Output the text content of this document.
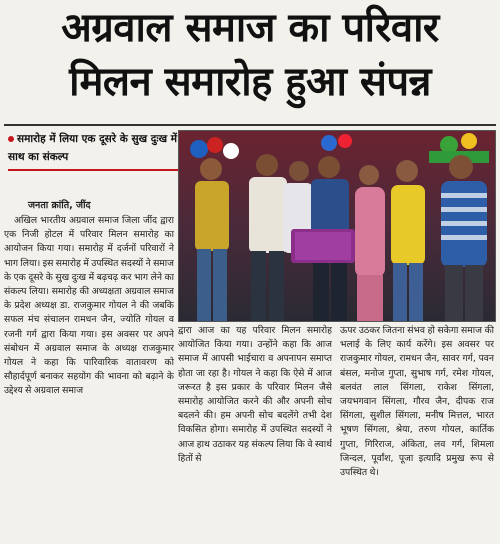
अग्रवाल समाज का परिवार
मिलन समारोह हुआ संपन्न
समारोह में लिया एक दूसरे के सुख दुःख में साथ का संकल्प
जनता क्रांति, जींद

अखिल भारतीय अग्रवाल समाज जिला जींद द्वारा एक निजी होटल में परिवार मिलन समारोह का आयोजन किया गया। समारोह में दर्जनों परिवारों ने भाग लिया। इस समारोह में उपस्थित सदस्यों ने समाज के एक दूसरे के सुख दुःख में बढ़चढ़ कर भाग लेने का संकल्प लिया। समारोह की अध्यक्षता अग्रवाल समाज के प्रदेश अध्यक्ष डा. राजकुमार गोयल ने की जबकि सफल मंच संचालन रामधन जैन, ज्योति गोयल व रजनी गर्ग द्वारा किया गया। इस अवसर पर अपने संबोधन में अग्रवाल समाज के अध्यक्ष राजकुमार गोयल ने कहा कि पारिवारिक वातावरण को सौहार्दपूर्ण बनाकर सहयोग की भावना को बढ़ाने के उद्देश्य से अग्रवाल समाज

द्वारा आज का यह परिवार मिलन समारोह आयोजित किया गया। उन्होंने कहा कि आज समाज में आपसी भाईचारा व अपनापन समाप्त होता जा रहा है। गोयल ने कहा कि ऐसे में आज जरूरत है इस प्रकार के परिवार मिलन जैसे समारोह आयोजित करने की और अपनी सोच बदलने की। हम अपनी सोच बदलेंगे तभी देश विकसित होगा। समारोह में उपस्थित सदस्यों ने आज हाथ उठाकर यह संकल्प लिया कि वे स्वार्थ हितों से

ऊपर उठकर जितना संभव हो सकेगा समाज की भलाई के लिए कार्य करेंगे। इस अवसर पर राजकुमार गोयल, रामधन जैन, सावर गर्ग, पवन बंसल, मनोज गुप्ता, सुभाष गर्ग, रमेश गोयल, बलवंत लाल सिंगला, राकेश सिंगला, जयभगवान सिंगला, गौरव जैन, दीपक राज सिंगला, सुशील सिंगला, मनीष मित्तल, भारत भूषण सिंगला, श्रेया, तरुण गोयल, कार्तिक गुप्ता, गिरिराज, अंकिता, लव गर्ग, शिमला जिन्दल, पूर्वांश, पूजा इत्यादि प्रमुख रूप से उपस्थित थे।
